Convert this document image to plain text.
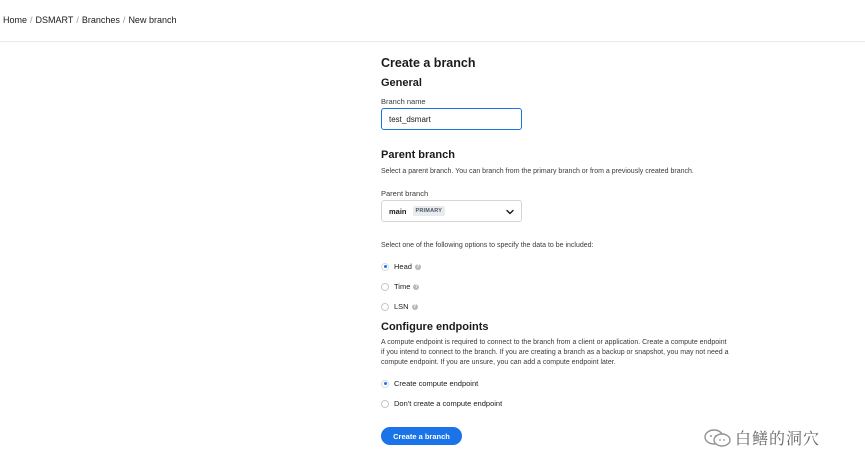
Home / DSMART / Branches / New branch
Create a branch
General
Branch name
test_dsmart
Parent branch

Select a parent branch. You can branch from the primary branch or from a previously created branch.

Parent branch
main	PRIMARY

Select one of the following options to specify the data to be included:

Head ?
Time ?
LSN ?
Configure endpoints

A compute endpoint is required to connect to the branch from a client or application. Create a compute endpoint if you intend to connect to the branch. If you are creating a branch as a backup or snapshot, you may not need a compute endpoint. If you are unsure, you can add a compute endpoint later.

Create compute endpoint
Don't create a compute endpoint
Create a branch	白鳝的洞穴
